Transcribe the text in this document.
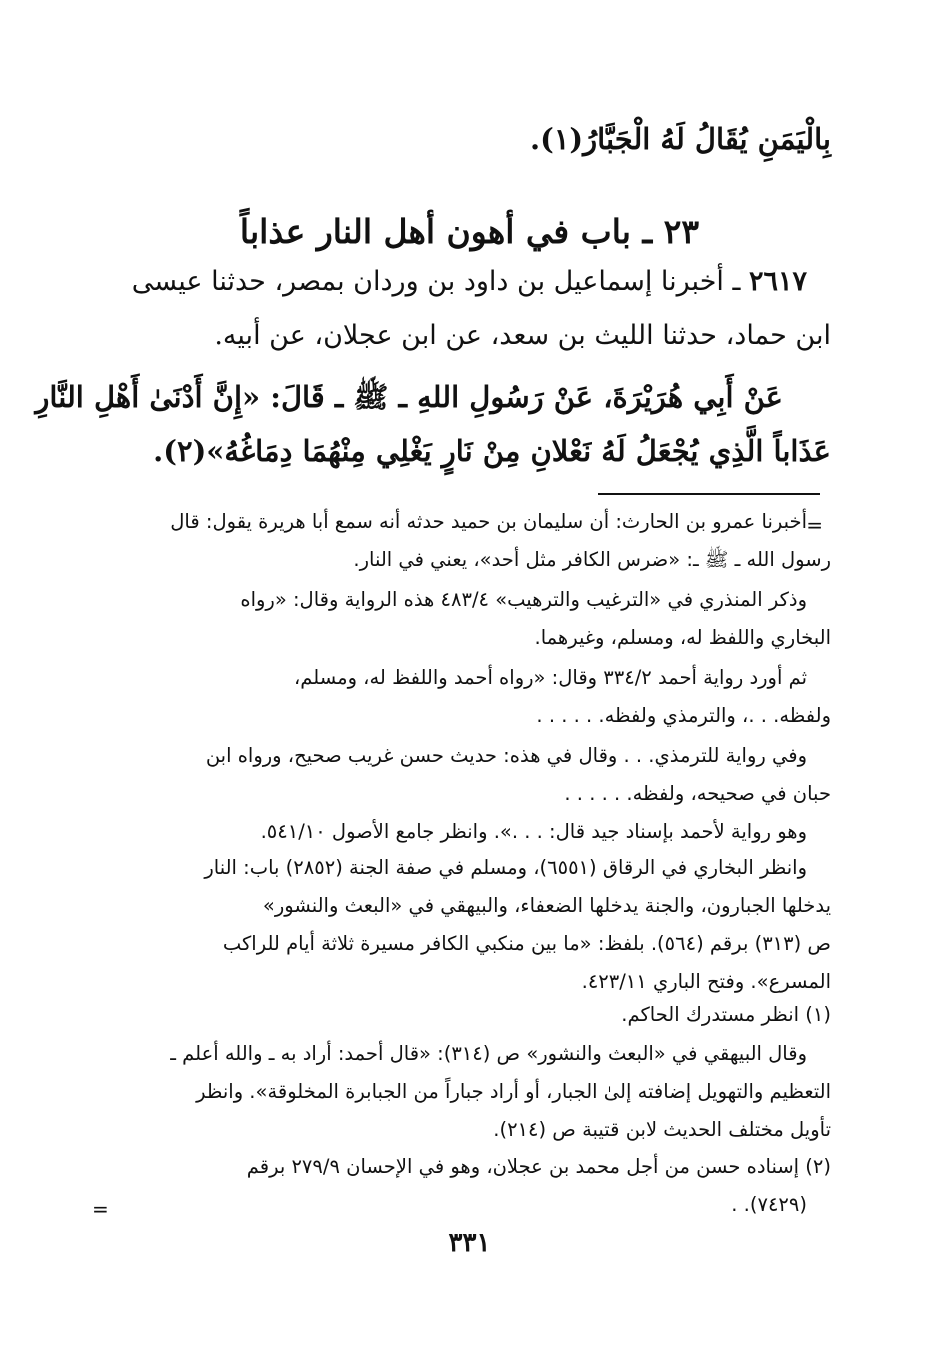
بِالْيَمَنِ يُقَالُ لَهُ الْجَبَّارُ(١).

٢٣ ـ باب في أهون أهل النار عذاباً

٢٦١٧ ـ أخبرنا إسماعيل بن داود بن وردان بمصر، حدثنا عيسى

ابن حماد، حدثنا الليث بن سعد، عن ابن عجلان، عن أبيه.

عَنْ أَبِي هُرَيْرَةَ، عَنْ رَسُولِ اللهِ ـ ﷺ ـ قَالَ: «إِنَّ أَدْنَىٰ أَهْلِ النَّارِ

عَذَاباً الَّذِي يُجْعَلُ لَهُ نَعْلانِ مِنْ نَارٍ يَغْلِي مِنْهُمَا دِمَاغُهُ»(٢).

=

أخبرنا عمرو بن الحارث: أن سليمان بن حميد حدثه أنه سمع أبا هريرة يقول: قال

رسول الله ـ ﷺ ـ: «ضرس الكافر مثل أحد»، يعني في النار.

وذكر المنذري في «الترغيب والترهيب» ٤٨٣/٤ هذه الرواية وقال: «رواه

البخاري واللفظ له، ومسلم، وغيرهما.

ثم أورد رواية أحمد ٣٣٤/٢ وقال: «رواه أحمد واللفظ له، ومسلم،

ولفظه. . .، والترمذي ولفظه. . . . . .

وفي رواية للترمذي. . . وقال في هذه: حديث حسن غريب صحيح، ورواه ابن

حبان في صحيحه، ولفظه. . . . . .

وهو رواية لأحمد بإسناد جيد قال: . . .». وانظر جامع الأصول ٥٤١/١٠.

وانظر البخاري في الرقاق (٦٥٥١)، ومسلم في صفة الجنة (٢٨٥٢) باب: النار

يدخلها الجبارون، والجنة يدخلها الضعفاء، والبيهقي في «البعث والنشور»

ص (٣١٣) برقم (٥٦٤). بلفظ: «ما بين منكبي الكافر مسيرة ثلاثة أيام للراكب

المسرع». وفتح الباري ٤٢٣/١١.

(١) انظر مستدرك الحاكم.

وقال البيهقي في «البعث والنشور» ص (٣١٤): «قال أحمد: أراد به ـ والله أعلم ـ

التعظيم والتهويل إضافته إلىٰ الجبار، أو أراد جباراً من الجبابرة المخلوقة». وانظر

تأويل مختلف الحديث لابن قتيبة ص (٢١٤).

(٢) إسناده حسن من أجل محمد بن عجلان، وهو في الإحسان ٢٧٩/٩ برقم

(٧٤٢٩). .

=
٣٣١
